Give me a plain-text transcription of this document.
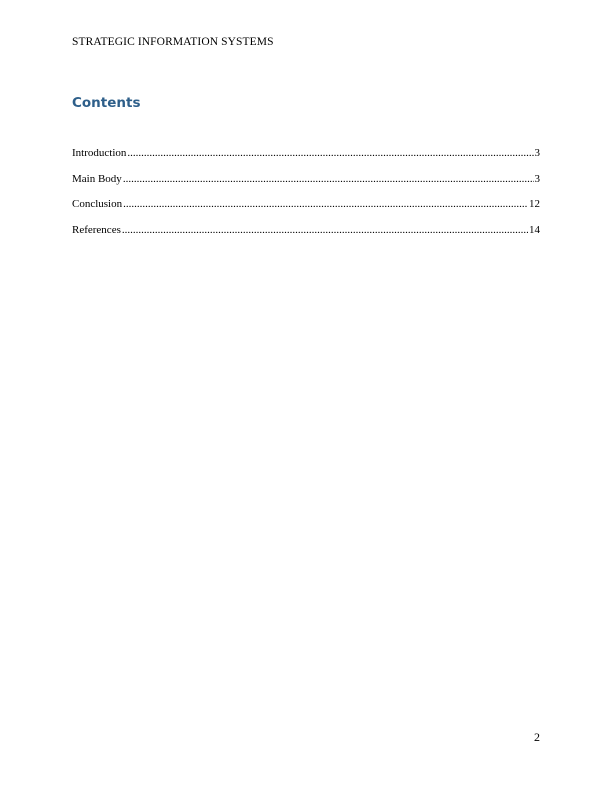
STRATEGIC INFORMATION SYSTEMS
Contents
Introduction .....	3
Main Body .....	3
Conclusion .....	12
References .....	14
2
